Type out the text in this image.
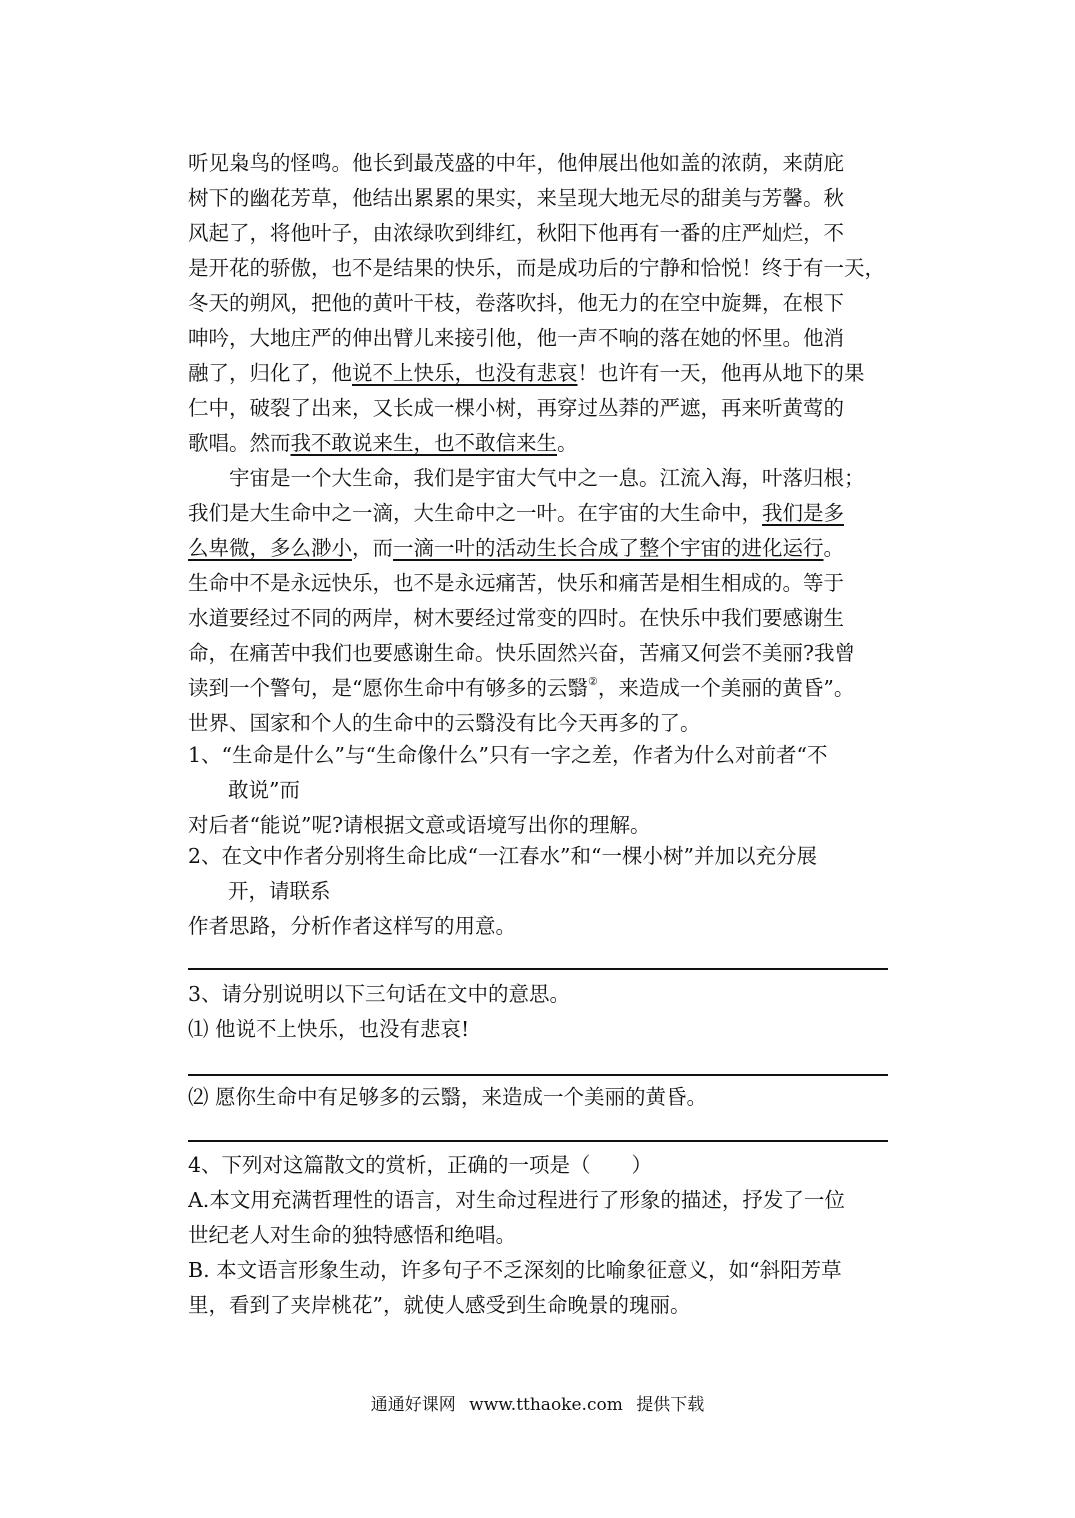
听见枭鸟的怪鸣。他长到最茂盛的中年，他伸展出他如盖的浓荫，来荫庇
树下的幽花芳草，他结出累累的果实，来呈现大地无尽的甜美与芳馨。秋
风起了，将他叶子，由浓绿吹到绯红，秋阳下他再有一番的庄严灿烂，不
是开花的骄傲，也不是结果的快乐，而是成功后的宁静和恰悦！终于有一天，
冬天的朔风，把他的黄叶干枝，卷落吹抖，他无力的在空中旋舞，在根下
呻吟，大地庄严的伸出臂儿来接引他，他一声不响的落在她的怀里。他消
融了，归化了，他说不上快乐，也没有悲哀！也许有一天，他再从地下的果
仁中，破裂了出来，又长成一棵小树，再穿过丛莽的严遮，再来听黄莺的
歌唱。然而我不敢说来生，也不敢信来生。
宇宙是一个大生命，我们是宇宙大气中之一息。江流入海，叶落归根；
我们是大生命中之一滴，大生命中之一叶。在宇宙的大生命中，我们是多
么卑微，多么渺小，而一滴一叶的活动生长合成了整个宇宙的进化运行。
生命中不是永远快乐，也不是永远痛苦，快乐和痛苦是相生相成的。等于
水道要经过不同的两岸，树木要经过常变的四时。在快乐中我们要感谢生
命，在痛苦中我们也要感谢生命。快乐固然兴奋，苦痛又何尝不美丽?我曾
读到一个警句，是“愿你生命中有够多的云翳②，来造成一个美丽的黄昏”。
世界、国家和个人的生命中的云翳没有比今天再多的了。
1、“生命是什么”与“生命像什么”只有一字之差，作者为什么对前者“不
敢说”而
对后者“能说”呢?请根据文意或语境写出你的理解。
2、在文中作者分别将生命比成“一江春水”和“一棵小树”并加以充分展
开，请联系
作者思路，分析作者这样写的用意。
3、请分别说明以下三句话在文中的意思。
⑴ 他说不上快乐，也没有悲哀!
⑵ 愿你生命中有足够多的云翳，来造成一个美丽的黄昏。
4、下列对这篇散文的赏析，正确的一项是（　　）
A.本文用充满哲理性的语言，对生命过程进行了形象的描述，抒发了一位
世纪老人对生命的独特感悟和绝唱。
B. 本文语言形象生动，许多句子不乏深刻的比喻象征意义，如“斜阳芳草
里，看到了夹岸桃花”，就使人感受到生命晚景的瑰丽。
通通好课网 www.tthaoke.com 提供下载
